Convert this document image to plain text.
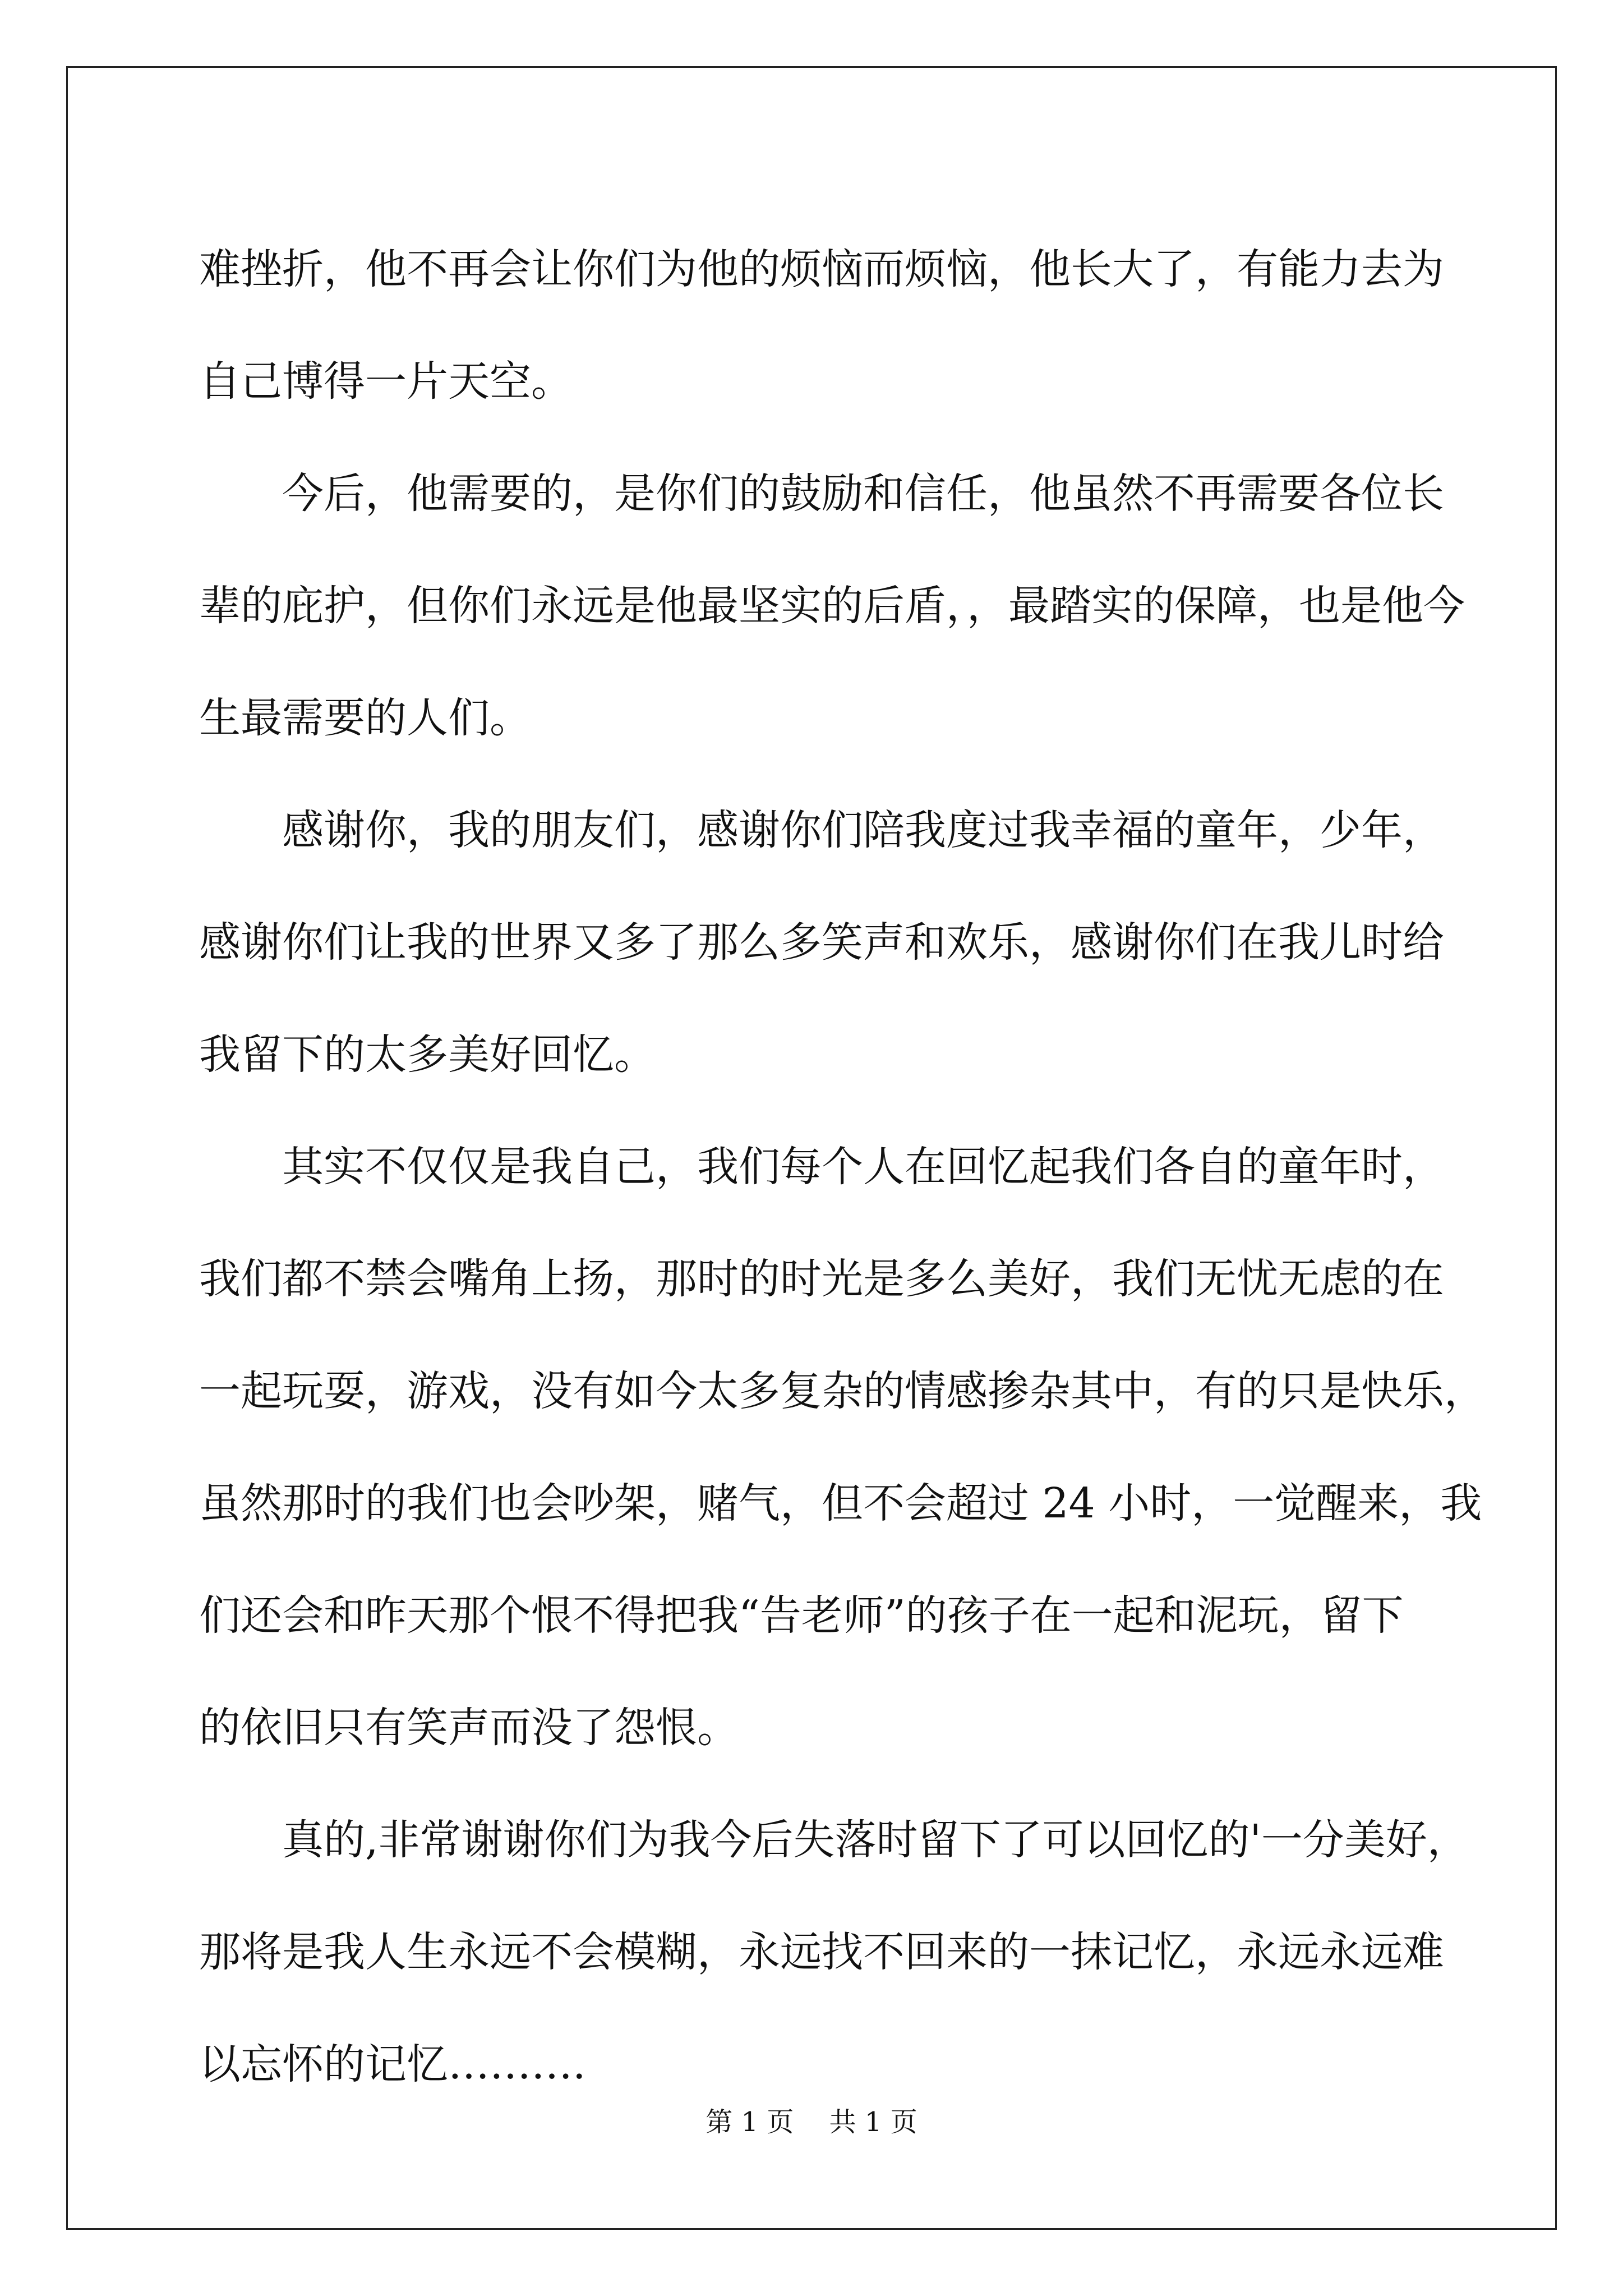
难挫折，他不再会让你们为他的烦恼而烦恼，他长大了，有能力去为
自己博得一片天空。

今后，他需要的，是你们的鼓励和信任，他虽然不再需要各位长
辈的庇护，但你们永远是他最坚实的后盾，，最踏实的保障，也是他今
生最需要的人们。

感谢你，我的朋友们，感谢你们陪我度过我幸福的童年，少年，
感谢你们让我的世界又多了那么多笑声和欢乐，感谢你们在我儿时给
我留下的太多美好回忆。

其实不仅仅是我自己，我们每个人在回忆起我们各自的童年时，
我们都不禁会嘴角上扬，那时的时光是多么美好，我们无忧无虑的在
一起玩耍，游戏，没有如今太多复杂的情感掺杂其中，有的只是快乐，
虽然那时的我们也会吵架，赌气，但不会超过 24 小时，一觉醒来，我
们还会和昨天那个恨不得把我“告老师”的孩子在一起和泥玩，留下
的依旧只有笑声而没了怨恨。

真的,非常谢谢你们为我今后失落时留下了可以回忆的'一分美好，
那将是我人生永远不会模糊，永远找不回来的一抹记忆，永远永远难
以忘怀的记忆……….

第 1 页 共 1 页
